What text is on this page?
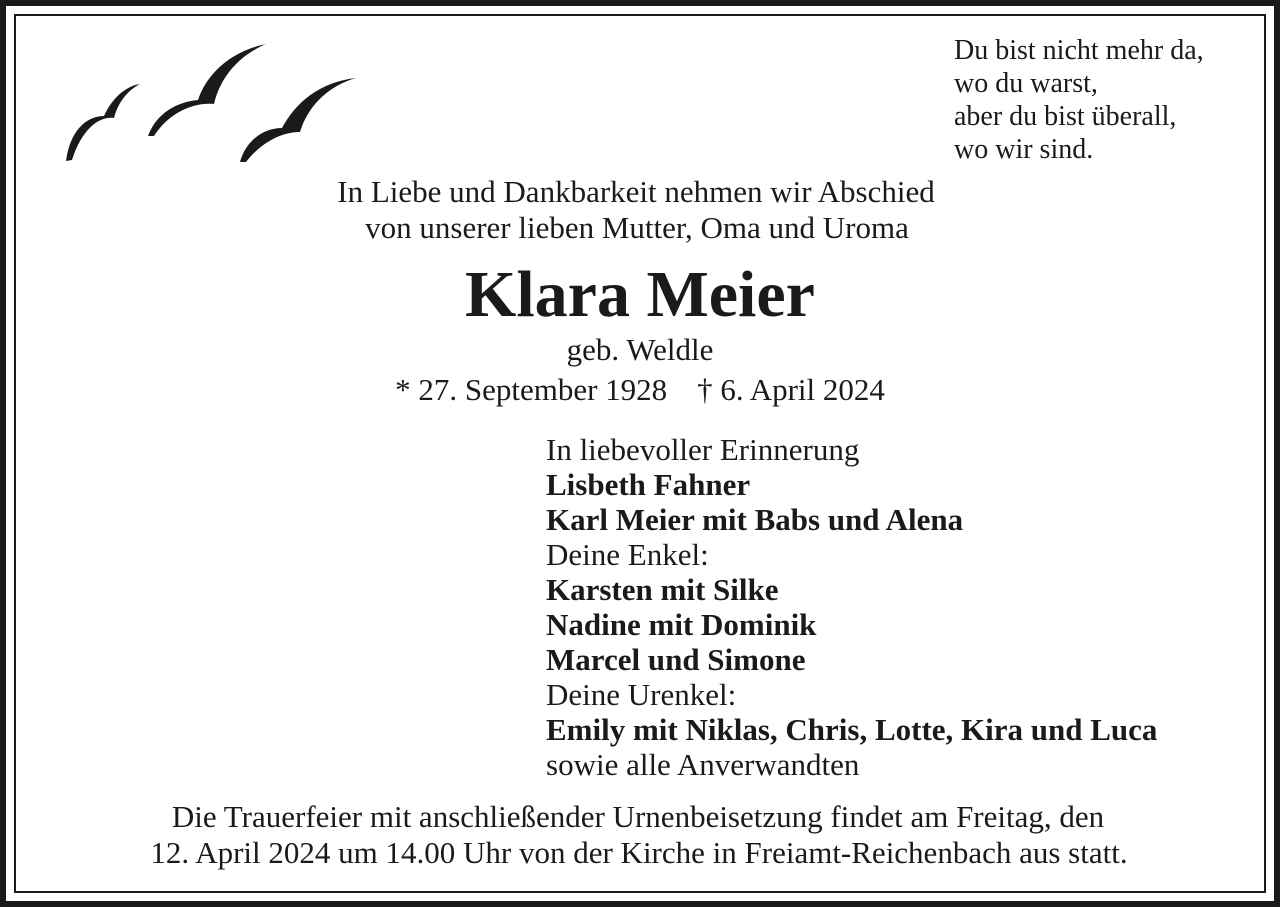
Du bist nicht mehr da,
wo du warst,
aber du bist überall,
wo wir sind.
In Liebe und Dankbarkeit nehmen wir Abschied
von unserer lieben Mutter, Oma und Uroma
Klara Meier
geb. Weldle
* 27. September 1928 † 6. April 2024
In liebevoller Erinnerung
Lisbeth Fahner
Karl Meier mit Babs und Alena
Deine Enkel:
Karsten mit Silke
Nadine mit Dominik
Marcel und Simone
Deine Urenkel:
Emily mit Niklas, Chris, Lotte, Kira und Luca
sowie alle Anverwandten
Die Trauerfeier mit anschließender Urnenbeisetzung findet am Freitag, den
12. April 2024 um 14.00 Uhr von der Kirche in Freiamt-Reichenbach aus statt.
